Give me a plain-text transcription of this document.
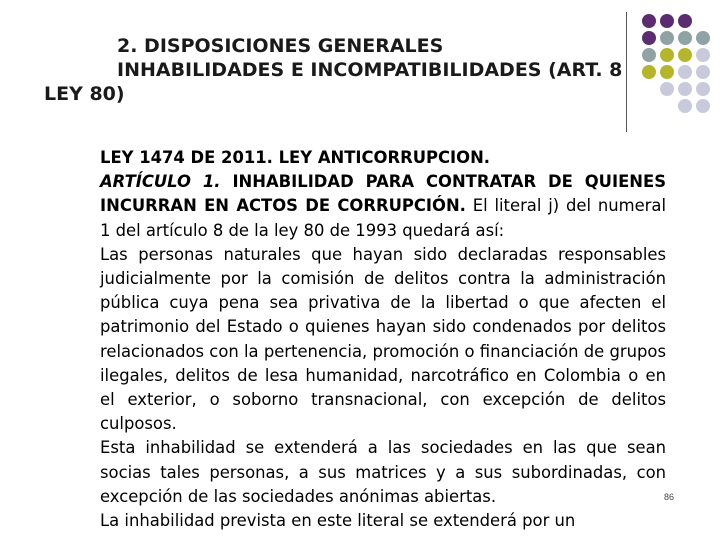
2. DISPOSICIONES GENERALES
INHABILIDADES E INCOMPATIBILIDADES (ART. 8
LEY 80)

LEY 1474 DE 2011. LEY ANTICORRUPCION.

ARTÍCULO 1. INHABILIDAD PARA CONTRATAR DE QUIENES INCURRAN EN ACTOS DE CORRUPCIÓN. El literal j) del numeral 1 del artículo 8 de la ley 80 de 1993 quedará así:

Las personas naturales que hayan sido declaradas responsables judicialmente por la comisión de delitos contra la administración pública cuya pena sea privativa de la libertad o que afecten el patrimonio del Estado o quienes hayan sido condenados por delitos relacionados con la pertenencia, promoción o financiación de grupos ilegales, delitos de lesa humanidad, narcotráfico en Colombia o en el exterior, o soborno transnacional, con excepción de delitos culposos.

Esta inhabilidad se extenderá a las sociedades en las que sean socias tales personas, a sus matrices y a sus subordinadas, con excepción de las sociedades anónimas abiertas.

La inhabilidad prevista en este literal se extenderá por un

86
